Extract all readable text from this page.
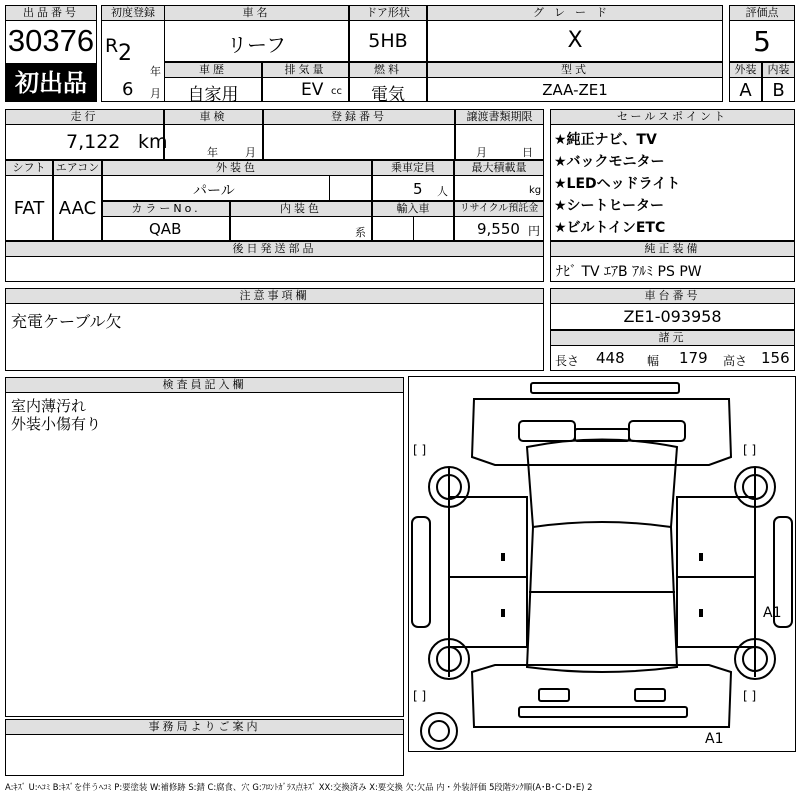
出品番号
30376
初出品
初度登録
R 2
年
6 月
車名
リーフ
ドア形状
5HB
グレード
X
評価点
5
車歴
自家用
排気量
EV cc
燃料
電気
型式
ZAA-ZE1
外装	内装
A	B
走行
7,122 km
車検
年 月
登録番号	譲渡書類期限
月	日
シフト
FAT
エアコン
AAC
外装色
パール
乗車定員
5 人
最大積載量
kg
カラーNo.
QAB
内装色
系
輸入車	リサイクル預託金
9,550 円
後日発送部品
セールスポイント
★純正ナビ、TV
★バックモニター
★LEDヘッドライト
★シートヒーター
★ビルトインETC
純正装備
ﾅﾋﾞ TV ｴｱB ｱﾙﾐ PS PW
注意事項欄
充電ケーブル欠
車台番号
ZE1-093958
諸元
長さ 448 幅 179 高さ 156
検査員記入欄
室内薄汚れ
外装小傷有り
事務局よりご案内
[ ]	[ ]
[ ]	[ ]
A1
A1
A:ｷｽﾞ U:ﾍｺﾐ B:ｷｽﾞを伴うﾍｺﾐ P:要塗装 W:補修跡 S:錆 C:腐食、穴 G:ﾌﾛﾝﾄｶﾞﾗｽ点ｷｽﾞ XX:交換済み X:要交換 欠:欠品 内・外装評価 5段階ﾗﾝｸ順(A･B･C･D･E) 2
